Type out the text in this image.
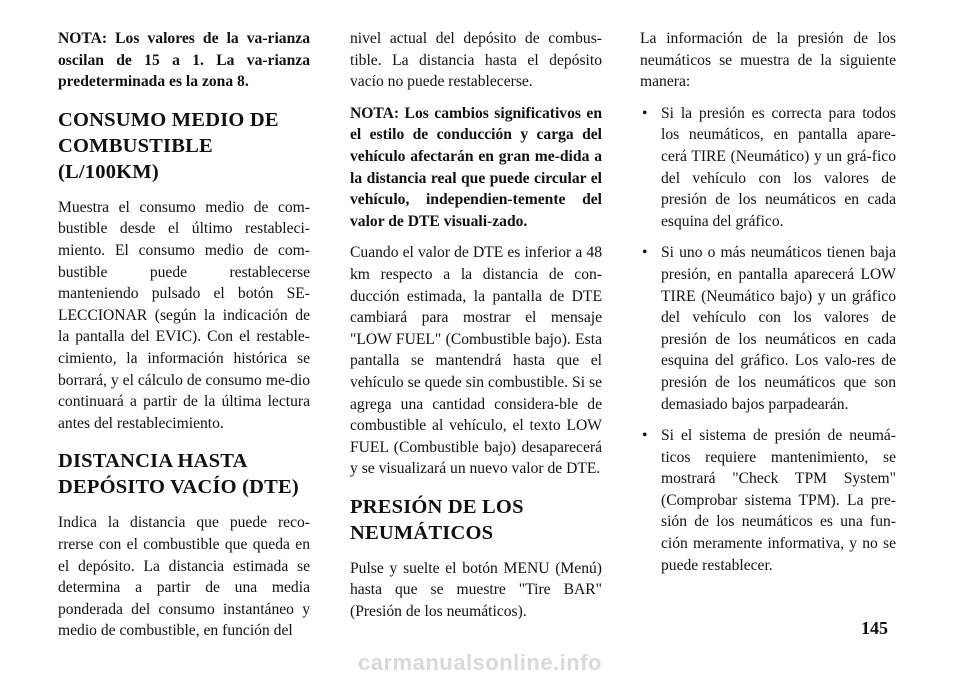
NOTA: Los valores de la va-rianza oscilan de 15 a 1. La va-rianza predeterminada es la zona 8.

CONSUMO MEDIO DE
COMBUSTIBLE (L/100KM)

Muestra el consumo medio de com-bustible desde el último restableci-miento. El consumo medio de com-bustible puede restablecerse manteniendo pulsado el botón SE-LECCIONAR (según la indicación de la pantalla del EVIC). Con el restable-cimiento, la información histórica se borrará, y el cálculo de consumo me-dio continuará a partir de la última lectura antes del restablecimiento.

DISTANCIA HASTA
DEPÓSITO VACÍO (DTE)

Indica la distancia que puede reco-rrerse con el combustible que queda en el depósito. La distancia estimada se determina a partir de una media ponderada del consumo instantáneo y medio de combustible, en función del

nivel actual del depósito de combus-tible. La distancia hasta el depósito vacío no puede restablecerse.

NOTA: Los cambios significativos en el estilo de conducción y carga del vehículo afectarán en gran me-dida a la distancia real que puede circular el vehículo, independien-temente del valor de DTE visuali-zado.

Cuando el valor de DTE es inferior a 48 km respecto a la distancia de con-ducción estimada, la pantalla de DTE cambiará para mostrar el mensaje "LOW FUEL" (Combustible bajo). Esta pantalla se mantendrá hasta que el vehículo se quede sin combustible. Si se agrega una cantidad considera-ble de combustible al vehículo, el texto LOW FUEL (Combustible bajo) desaparecerá y se visualizará un nuevo valor de DTE.

PRESIÓN DE LOS
NEUMÁTICOS

Pulse y suelte el botón MENU (Menú) hasta que se muestre "Tire BAR" (Presión de los neumáticos).

La información de la presión de los neumáticos se muestra de la siguiente manera:

• Si la presión es correcta para todos los neumáticos, en pantalla apare-cerá TIRE (Neumático) y un grá-fico del vehículo con los valores de presión de los neumáticos en cada esquina del gráfico.
• Si uno o más neumáticos tienen baja presión, en pantalla aparecerá LOW TIRE (Neumático bajo) y un gráfico del vehículo con los valores de presión de los neumáticos en cada esquina del gráfico. Los valo-res de presión de los neumáticos que son demasiado bajos parpadearán.
• Si el sistema de presión de neumá-ticos requiere mantenimiento, se mostrará "Check TPM System" (Comprobar sistema TPM). La pre-sión de los neumáticos es una fun-ción meramente informativa, y no se puede restablecer.
145
carmanualsonline.info
